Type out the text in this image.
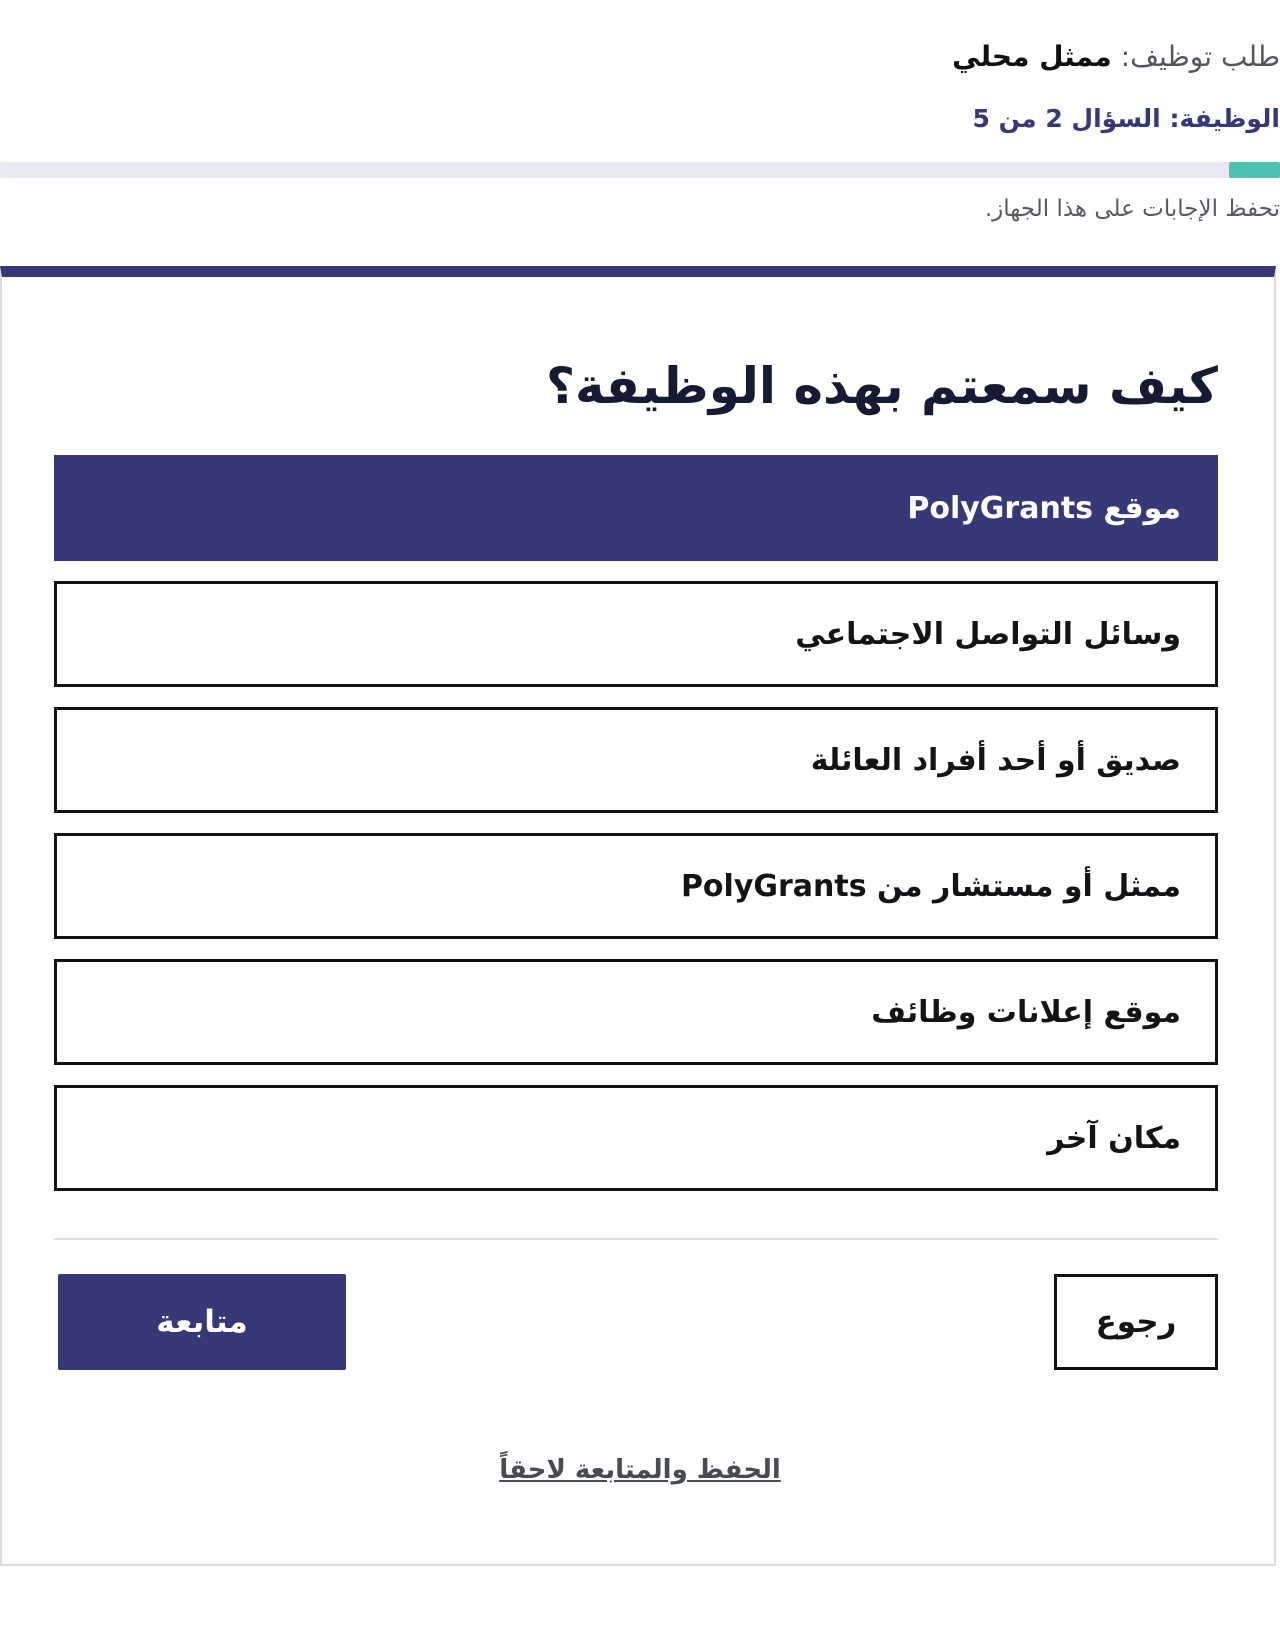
طلب توظيف: ممثل محلي
الوظيفة: السؤال 2 من 5
تحفظ الإجابات على هذا الجهاز.
كيف سمعتم بهذه الوظيفة؟
موقع PolyGrants
وسائل التواصل الاجتماعي
صديق أو أحد أفراد العائلة
ممثل أو مستشار من PolyGrants
موقع إعلانات وظائف
مكان آخر
رجوع
متابعة
الحفظ والمتابعة لاحقاً
